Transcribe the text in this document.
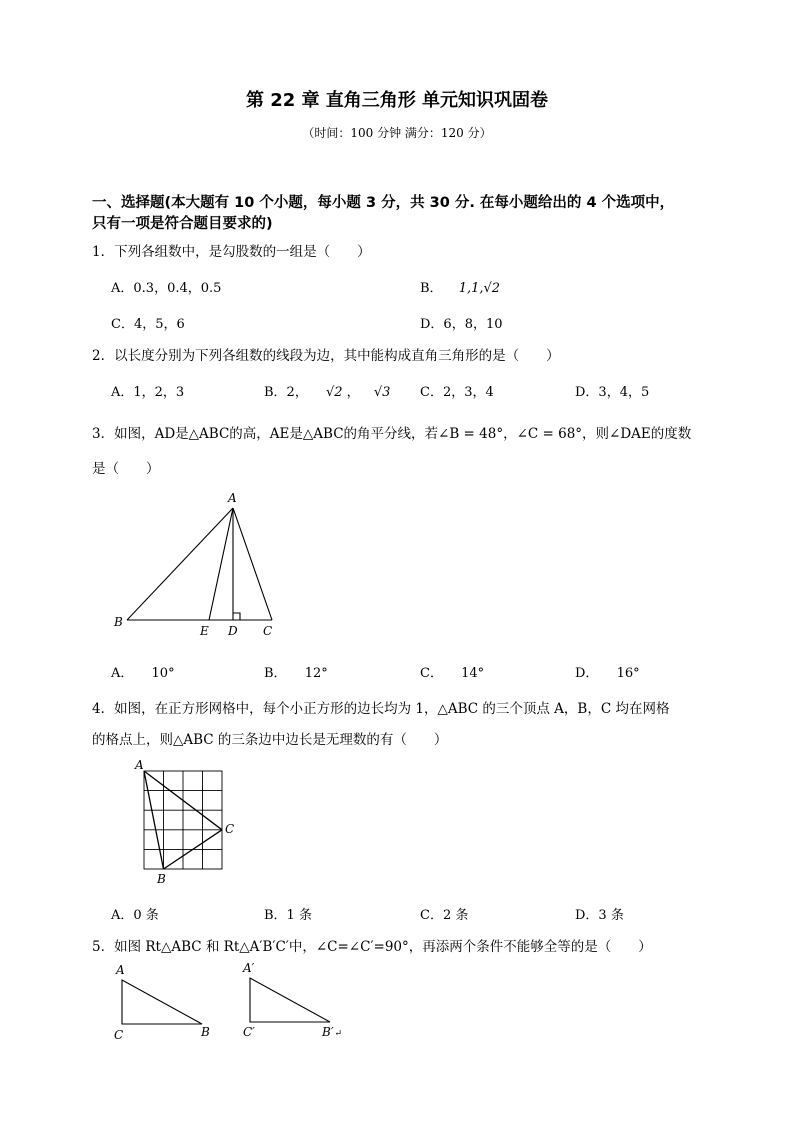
第 22 章 直角三角形 单元知识巩固卷
（时间：100 分钟 满分：120 分）
一、选择题(本大题有 10 个小题，每小题 3 分，共 30 分. 在每小题给出的 4 个选项中，
只有一项是符合题目要求的)
1．下列各组数中，是勾股数的一组是（　　）
A．0.3，0.4，0.5	B． 1,1,√2
C．4，5，6	D．6，8，10
2．以长度分别为下列各组数的线段为边，其中能构成直角三角形的是（　　）
A．1，2，3	B．2， √2 ， √3 C．2，3，4	D．3，4，5
3．如图，AD是△ABC的高，AE是△ABC的角平分线，若∠B = 48°，∠C = 68°，则∠DAE的度数
是（　　）
A
B
E D C
A． 10°	B． 12°	C． 14°	D． 16°
4．如图，在正方形网格中，每个小正方形的边长均为 1，△ABC 的三个顶点 A，B，C 均在网格
的格点上，则△ABC 的三条边中边长是无理数的有（　　）
A
B
C
A．0 条	B．1 条	C．2 条	D．3 条
5．如图 Rt△ABC 和 Rt△A′B′C′中，∠C=∠C′=90°，再添两个条件不能够全等的是（　　）
A
C	B
A′
C′	B′↵
